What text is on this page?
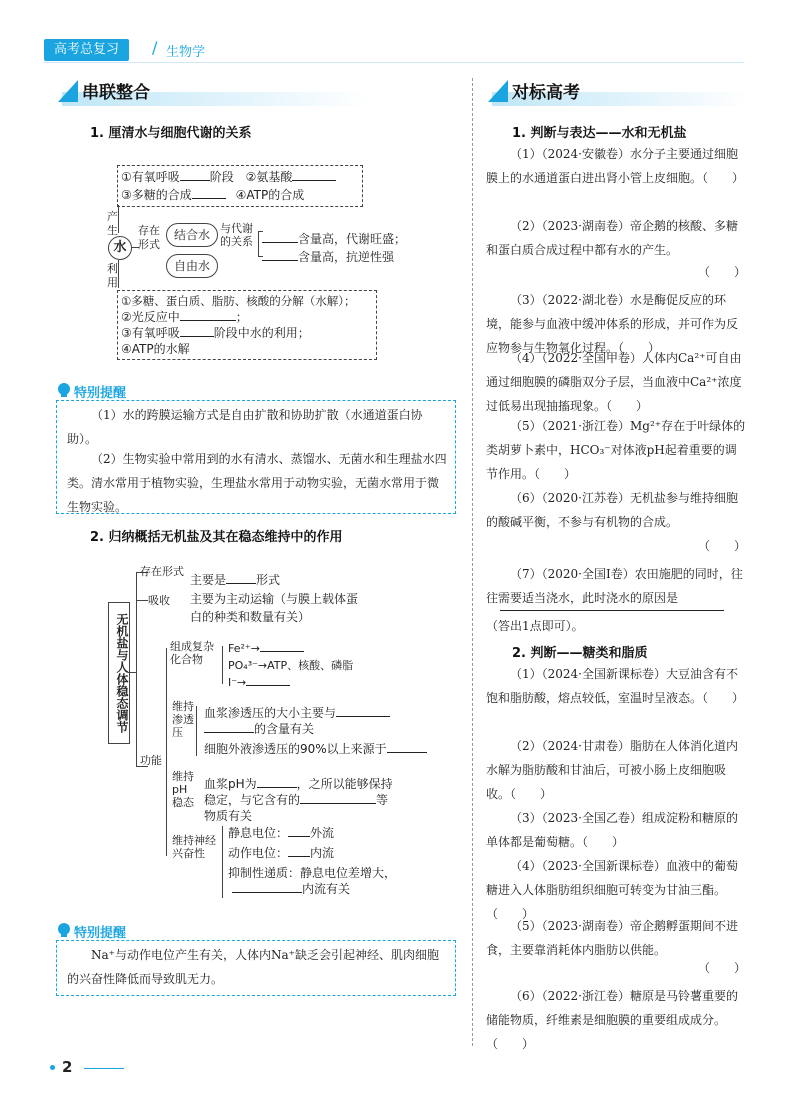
高考总复习	/ 生物学
串联整合
1. 厘清水与细胞代谢的关系
①有氧呼吸	阶段 ②氨基酸
③多糖的合成	④ATP的合成
产生
水
利用
存在形式
结合水
自由水
与代谢的关系	含量高，代谢旺盛；
含量高，抗逆性强
①多糖、蛋白质、脂肪、核酸的分解（水解）；
②光反应中	；
③有氧呼吸	阶段中水的利用；
④ATP的水解
特别提醒
（1）水的跨膜运输方式是自由扩散和协助扩散（水通道蛋白协助）。
（2）生物实验中常用到的水有清水、蒸馏水、无菌水和生理盐水四类。清水常用于植物实验，生理盐水常用于动物实验，无菌水常用于微生物实验。
2. 归纳概括无机盐及其在稳态维持中的作用
无机盐与人体稳态调节
存在形式
主要是	形式
吸收 主要为主动运输（与膜上载体蛋白的种类和数量有关）
功能
组成复杂化合物
Fe²⁺→
PO₄³⁻→ATP、核酸、磷脂
I⁻→
维持渗透压
血浆渗透压的大小主要与
的含量有关
细胞外液渗透压的90%以上来源于
维持pH稳态
血浆pH为	，之所以能够保持稳定，与它含有的	等物质有关
维持神经兴奋性
静息电位： 外流
动作电位： 内流
抑制性递质：静息电位差增大，
内流有关
特别提醒
Na⁺与动作电位产生有关，人体内Na⁺缺乏会引起神经、肌肉细胞的兴奋性降低而导致肌无力。
对标高考
1. 判断与表达——水和无机盐
（1）（2024·安徽卷）水分子主要通过细胞膜上的水通道蛋白进出肾小管上皮细胞。（　　）
（2）（2023·湖南卷）帝企鹅的核酸、多糖和蛋白质合成过程中都有水的产生。
（　　）
（3）（2022·湖北卷）水是酶促反应的环境，能参与血液中缓冲体系的形成，并可作为反应物参与生物氧化过程。（　　）
（4）（2022·全国甲卷）人体内Ca²⁺可自由通过细胞膜的磷脂双分子层，当血液中Ca²⁺浓度过低易出现抽搐现象。（　　）
（5）（2021·浙江卷）Mg²⁺存在于叶绿体的类胡萝卜素中，HCO₃⁻对体液pH起着重要的调节作用。（　　）
（6）（2020·江苏卷）无机盐参与维持细胞的酸碱平衡，不参与有机物的合成。
（　　）
（7）（2020·全国Ⅰ卷）农田施肥的同时，往往需要适当浇水，此时浇水的原因是
（答出1点即可）。
2. 判断——糖类和脂质
（1）（2024·全国新课标卷）大豆油含有不饱和脂肪酸，熔点较低，室温时呈液态。（　　）
（2）（2024·甘肃卷）脂肪在人体消化道内水解为脂肪酸和甘油后，可被小肠上皮细胞吸收。（　　）
（3）（2023·全国乙卷）组成淀粉和糖原的单体都是葡萄糖。（　　）
（4）（2023·全国新课标卷）血液中的葡萄糖进入人体脂肪组织细胞可转变为甘油三酯。（　　）
（5）（2023·湖南卷）帝企鹅孵蛋期间不进食，主要靠消耗体内脂肪以供能。
（　　）
（6）（2022·浙江卷）糖原是马铃薯重要的储能物质，纤维素是细胞膜的重要组成成分。（　　）
2
